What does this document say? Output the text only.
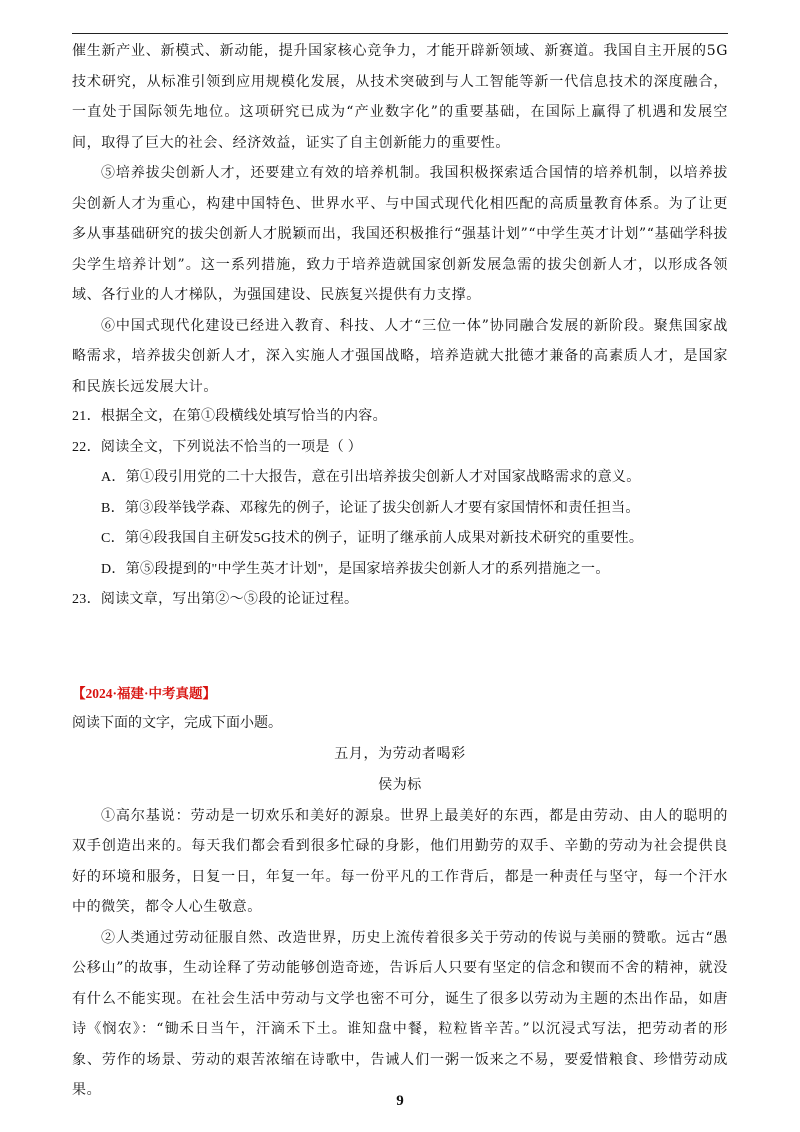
催生新产业、新模式、新动能，提升国家核心竞争力，才能开辟新领域、新赛道。我国自主开展的5G技术研究，从标准引领到应用规模化发展，从技术突破到与人工智能等新一代信息技术的深度融合，一直处于国际领先地位。这项研究已成为“产业数字化”的重要基础，在国际上赢得了机遇和发展空间，取得了巨大的社会、经济效益，证实了自主创新能力的重要性。

⑤培养拔尖创新人才，还要建立有效的培养机制。我国积极探索适合国情的培养机制，以培养拔尖创新人才为重心，构建中国特色、世界水平、与中国式现代化相匹配的高质量教育体系。为了让更多从事基础研究的拔尖创新人才脱颖而出，我国还积极推行“强基计划”“中学生英才计划”“基础学科拔尖学生培养计划”。这一系列措施，致力于培养造就国家创新发展急需的拔尖创新人才，以形成各领域、各行业的人才梯队，为强国建设、民族复兴提供有力支撑。

⑥中国式现代化建设已经进入教育、科技、人才“三位一体”协同融合发展的新阶段。聚焦国家战略需求，培养拔尖创新人才，深入实施人才强国战略，培养造就大批德才兼备的高素质人才，是国家和民族长远发展大计。

21．根据全文，在第①段横线处填写恰当的内容。

22．阅读全文，下列说法不恰当的一项是（ ）

A．第①段引用党的二十大报告，意在引出培养拔尖创新人才对国家战略需求的意义。

B．第③段举钱学森、邓稼先的例子，论证了拔尖创新人才要有家国情怀和责任担当。

C．第④段我国自主研发5G技术的例子，证明了继承前人成果对新技术研究的重要性。

D．第⑤段提到的"中学生英才计划"，是国家培养拔尖创新人才的系列措施之一。

23．阅读文章，写出第②～⑤段的论证过程。

【2024·福建·中考真题】

阅读下面的文字，完成下面小题。

五月，为劳动者喝彩

侯为标

①高尔基说：劳动是一切欢乐和美好的源泉。世界上最美好的东西，都是由劳动、由人的聪明的双手创造出来的。每天我们都会看到很多忙碌的身影，他们用勤劳的双手、辛勤的劳动为社会提供良好的环境和服务，日复一日，年复一年。每一份平凡的工作背后，都是一种责任与坚守，每一个汗水中的微笑，都令人心生敬意。

②人类通过劳动征服自然、改造世界，历史上流传着很多关于劳动的传说与美丽的赞歌。远古“愚公移山”的故事，生动诠释了劳动能够创造奇迹，告诉后人只要有坚定的信念和锲而不舍的精神，就没有什么不能实现。在社会生活中劳动与文学也密不可分，诞生了很多以劳动为主题的杰出作品，如唐诗《悯农》：“锄禾日当午，汗滴禾下土。谁知盘中餐，粒粒皆辛苦。”以沉浸式写法，把劳动者的形象、劳作的场景、劳动的艰苦浓缩在诗歌中，告诫人们一粥一饭来之不易，要爱惜粮食、珍惜劳动成果。

9
